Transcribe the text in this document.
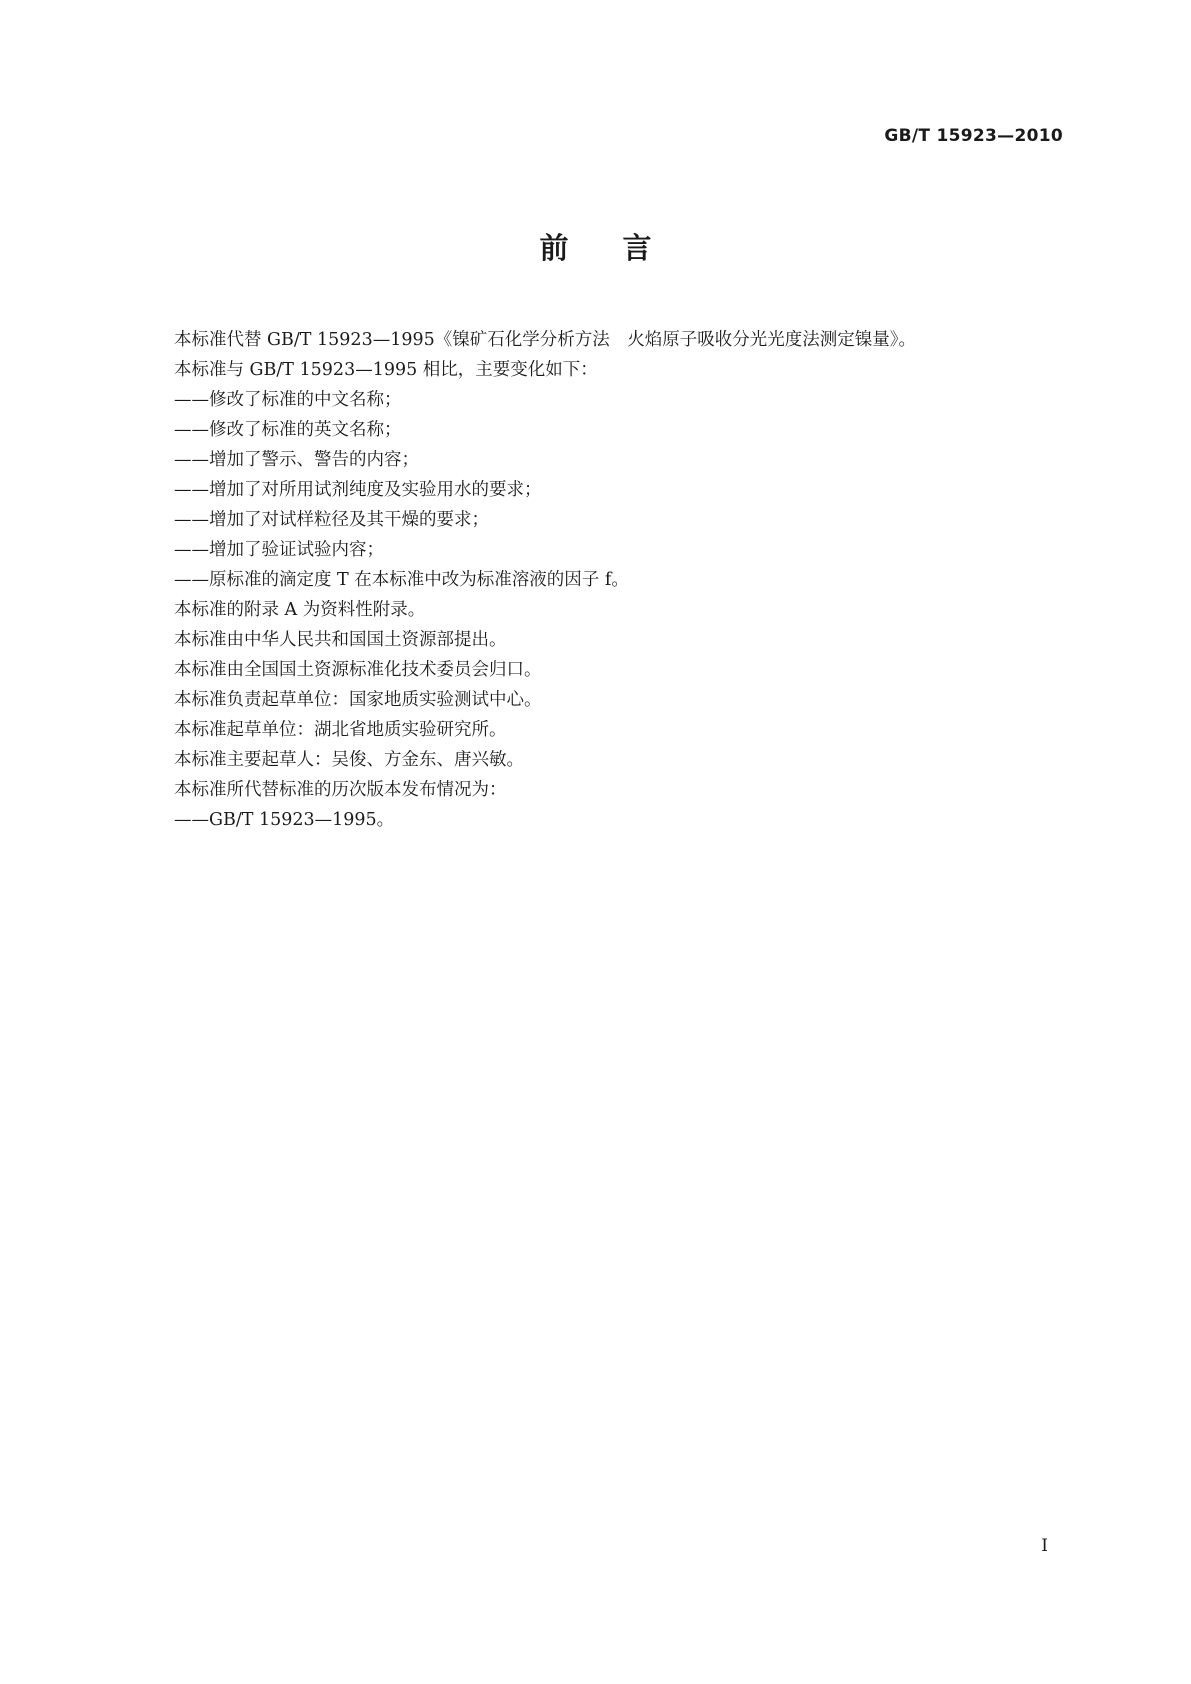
GB/T 15923—2010
前言
本标准代替 GB/T 15923—1995《镍矿石化学分析方法　火焰原子吸收分光光度法测定镍量》。
本标准与 GB/T 15923—1995 相比，主要变化如下：
——修改了标准的中文名称；
——修改了标准的英文名称；
——增加了警示、警告的内容；
——增加了对所用试剂纯度及实验用水的要求；
——增加了对试样粒径及其干燥的要求；
——增加了验证试验内容；
——原标准的滴定度 T 在本标准中改为标准溶液的因子 f。
本标准的附录 A 为资料性附录。
本标准由中华人民共和国国土资源部提出。
本标准由全国国土资源标准化技术委员会归口。
本标准负责起草单位：国家地质实验测试中心。
本标准起草单位：湖北省地质实验研究所。
本标准主要起草人：吴俊、方金东、唐兴敏。
本标准所代替标准的历次版本发布情况为：
——GB/T 15923—1995。
I
